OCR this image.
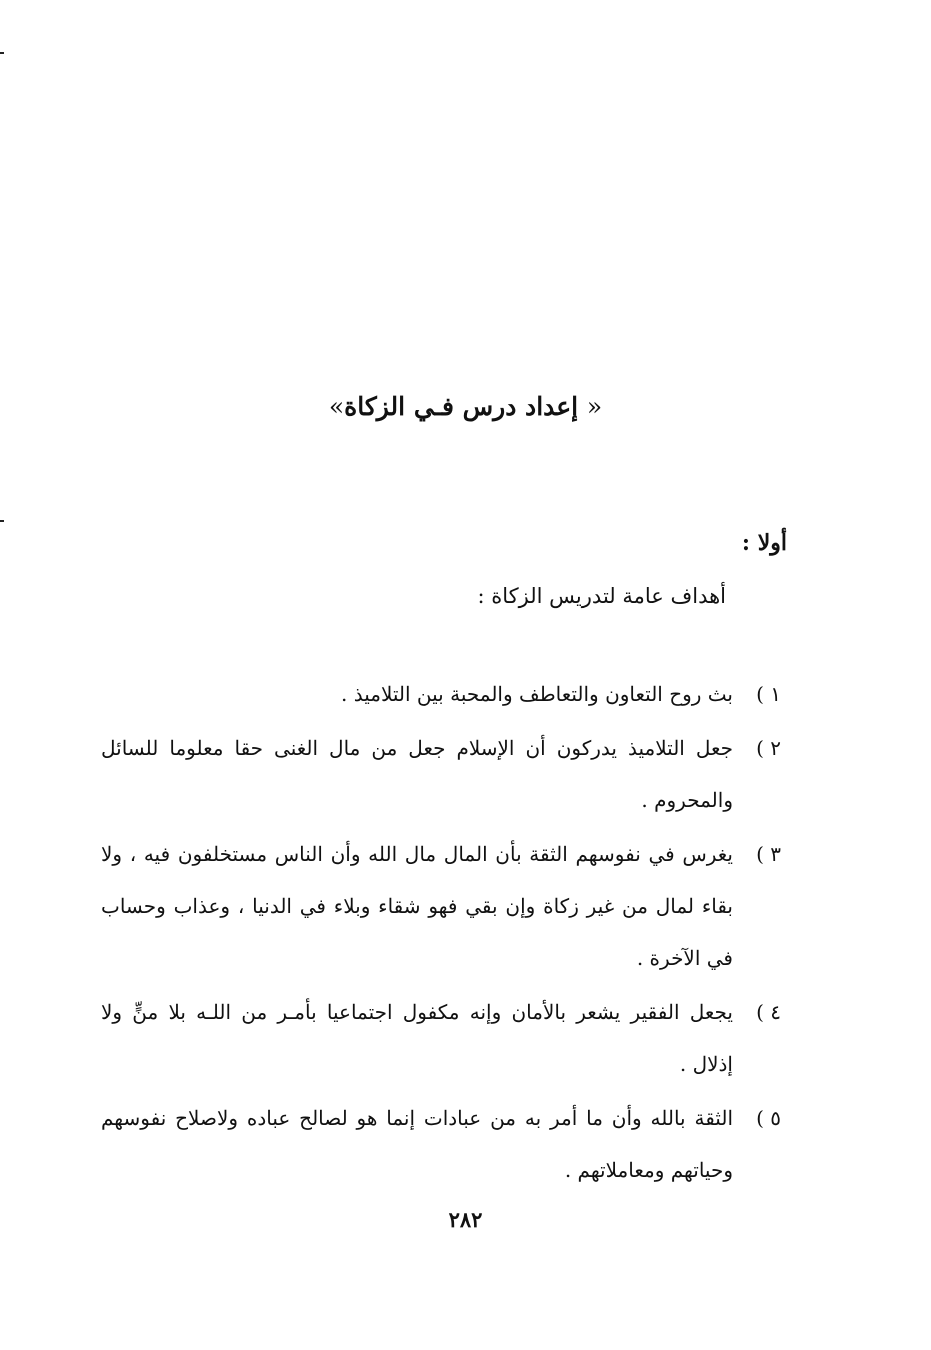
« إعداد درس فـي الزكاة»
أولا :
أهداف عامة لتدريس الزكاة :
١ )
بث روح التعاون والتعاطف والمحبة بين التلاميذ .
٢ )
جعل التلاميذ يدركون أن الإسلام جعل من مال الغنى حقا معلوما للسائل والمحروم .
٣ )
يغرس في نفوسهم الثقة بأن المال مال الله وأن الناس مستخلفون فيه ، ولا بقاء لمال من غير زكاة وإن بقي فهو شقاء وبلاء في الدنيا ، وعذاب وحساب في الآخرة .
٤ )
يجعل الفقير يشعر بالأمان وإنه مكفول اجتماعيا بأمـر من اللـه بلا منٍّ ولا إذلال .
٥ )
الثقة بالله وأن ما أمر به من عبادات إنما هو لصالح عباده ولاصلاح نفوسهم وحياتهم ومعاملاتهم .
٢٨٢
